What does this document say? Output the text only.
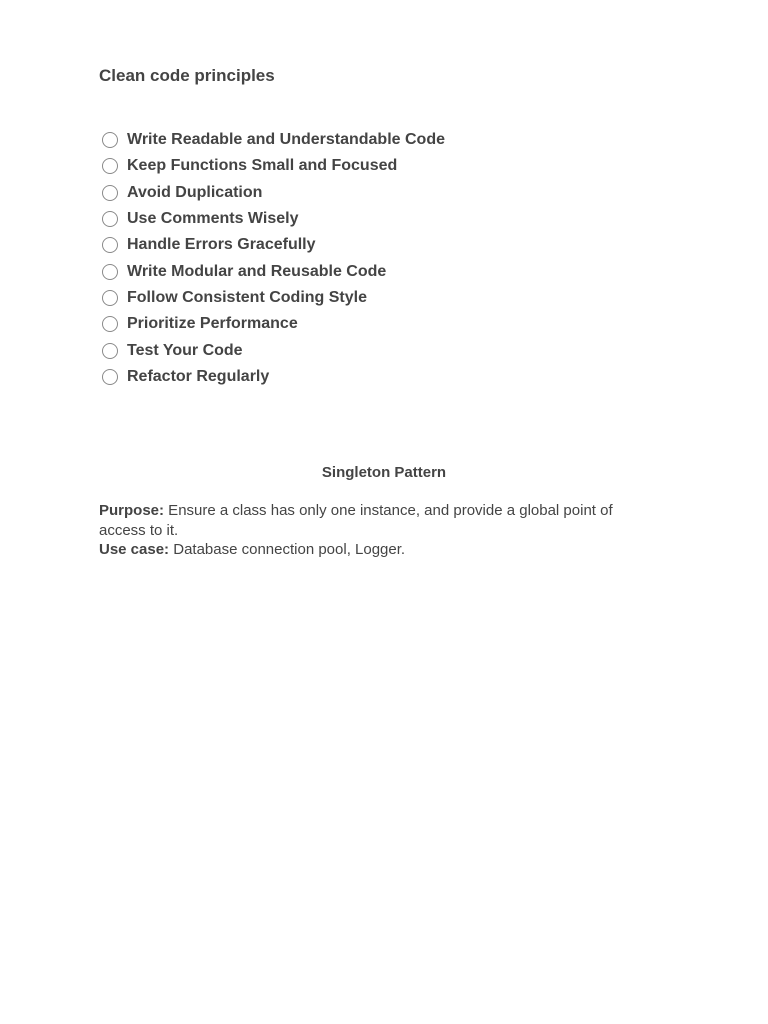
Clean code principles
Write Readable and Understandable Code
Keep Functions Small and Focused
Avoid Duplication
Use Comments Wisely
Handle Errors Gracefully
Write Modular and Reusable Code
Follow Consistent Coding Style
Prioritize Performance
Test Your Code
Refactor Regularly
Singleton Pattern

Purpose: Ensure a class has only one instance, and provide a global point of access to it.

Use case: Database connection pool, Logger.
